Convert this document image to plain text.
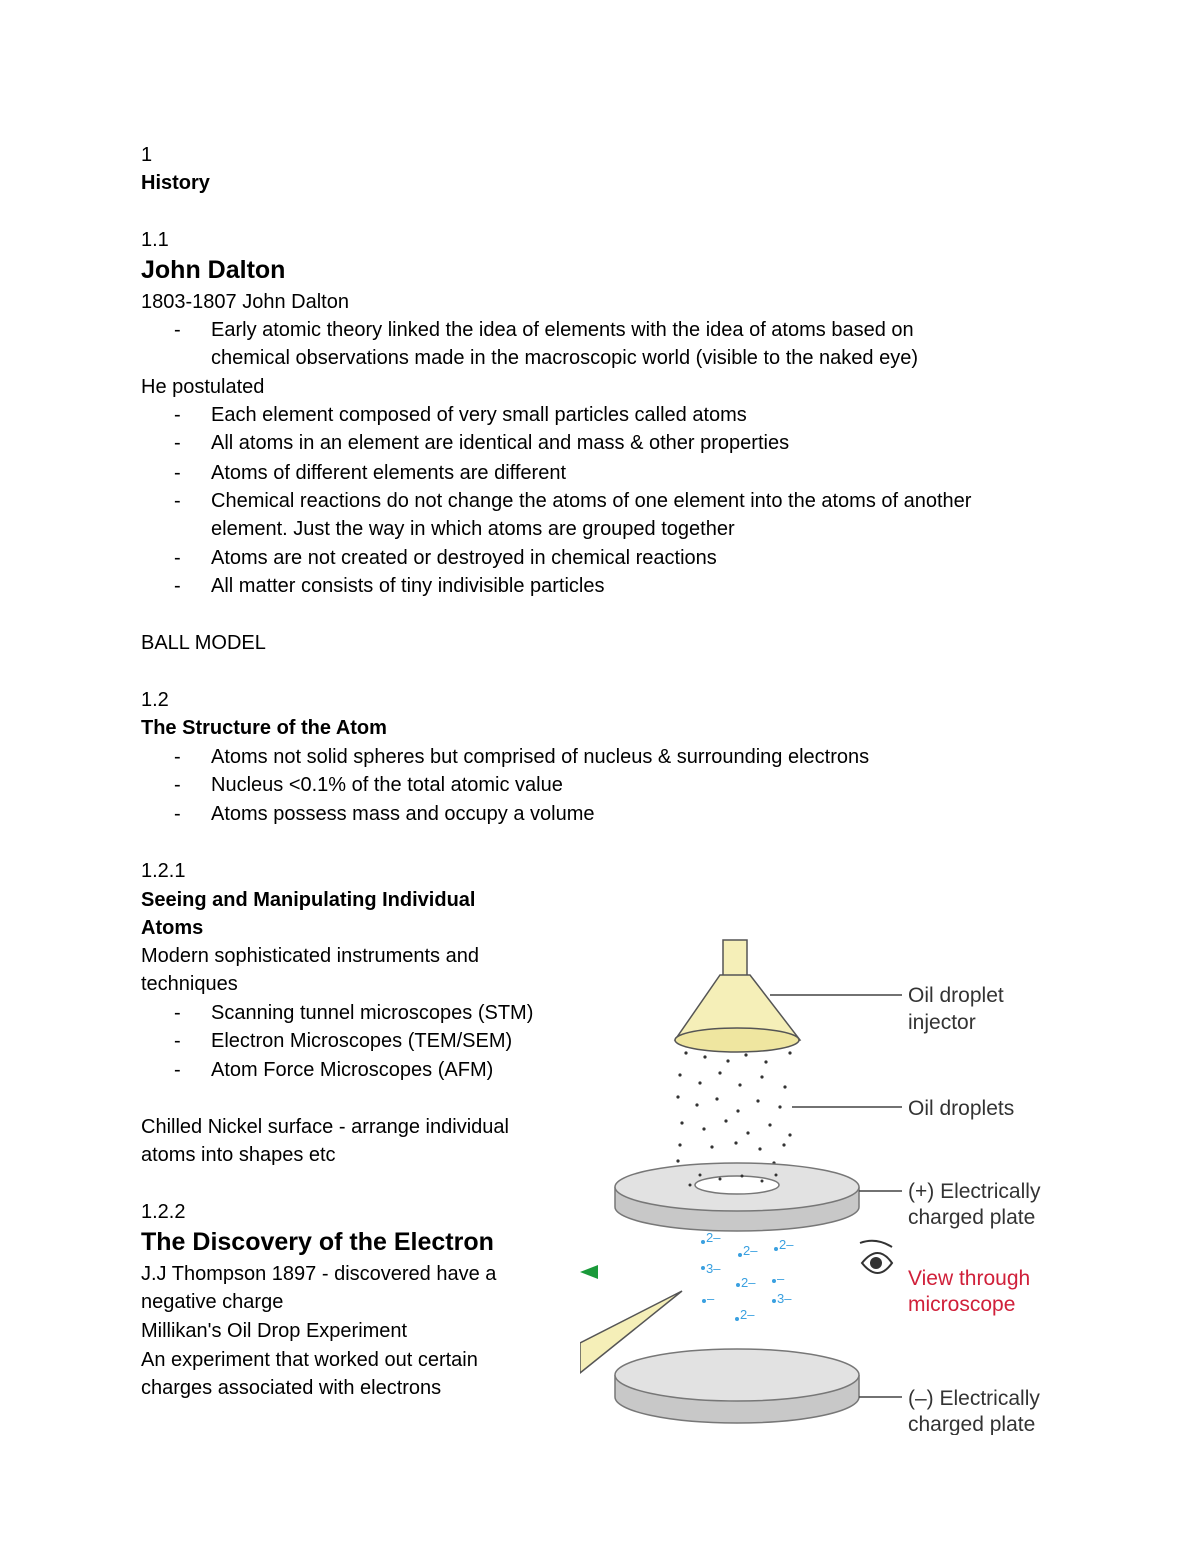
1
History
1.1
John Dalton
1803-1807 John Dalton
- Early atomic theory linked the idea of elements with the idea of atoms based on
chemical observations made in the macroscopic world (visible to the naked eye)
He postulated
- Each element composed of very small particles called atoms
- All atoms in an element are identical and mass & other properties
- Atoms of different elements are different
- Chemical reactions do not change the atoms of one element into the atoms of another
element. Just the way in which atoms are grouped together
- Atoms are not created or destroyed in chemical reactions
- All matter consists of tiny indivisible particles
BALL MODEL
1.2
The Structure of the Atom
- Atoms not solid spheres but comprised of nucleus & surrounding electrons
- Nucleus <0.1% of the total atomic value
- Atoms possess mass and occupy a volume
1.2.1
Seeing and Manipulating Individual
Atoms
Modern sophisticated instruments and
techniques
- Scanning tunnel microscopes (STM)
- Electron Microscopes (TEM/SEM)
- Atom Force Microscopes (AFM)
Chilled Nickel surface - arrange individual
atoms into shapes etc
1.2.2
The Discovery of the Electron
J.J Thompson 1897 - discovered have a
negative charge
Millikan's Oil Drop Experiment
An experiment that worked out certain
charges associated with electrons
2–
2– 2–
3–
2– –
–	3–
2–
Oil droplet
injector
Oil droplets
(+) Electrically
charged plate
View through
microscope
(–) Electrically
charged plate
